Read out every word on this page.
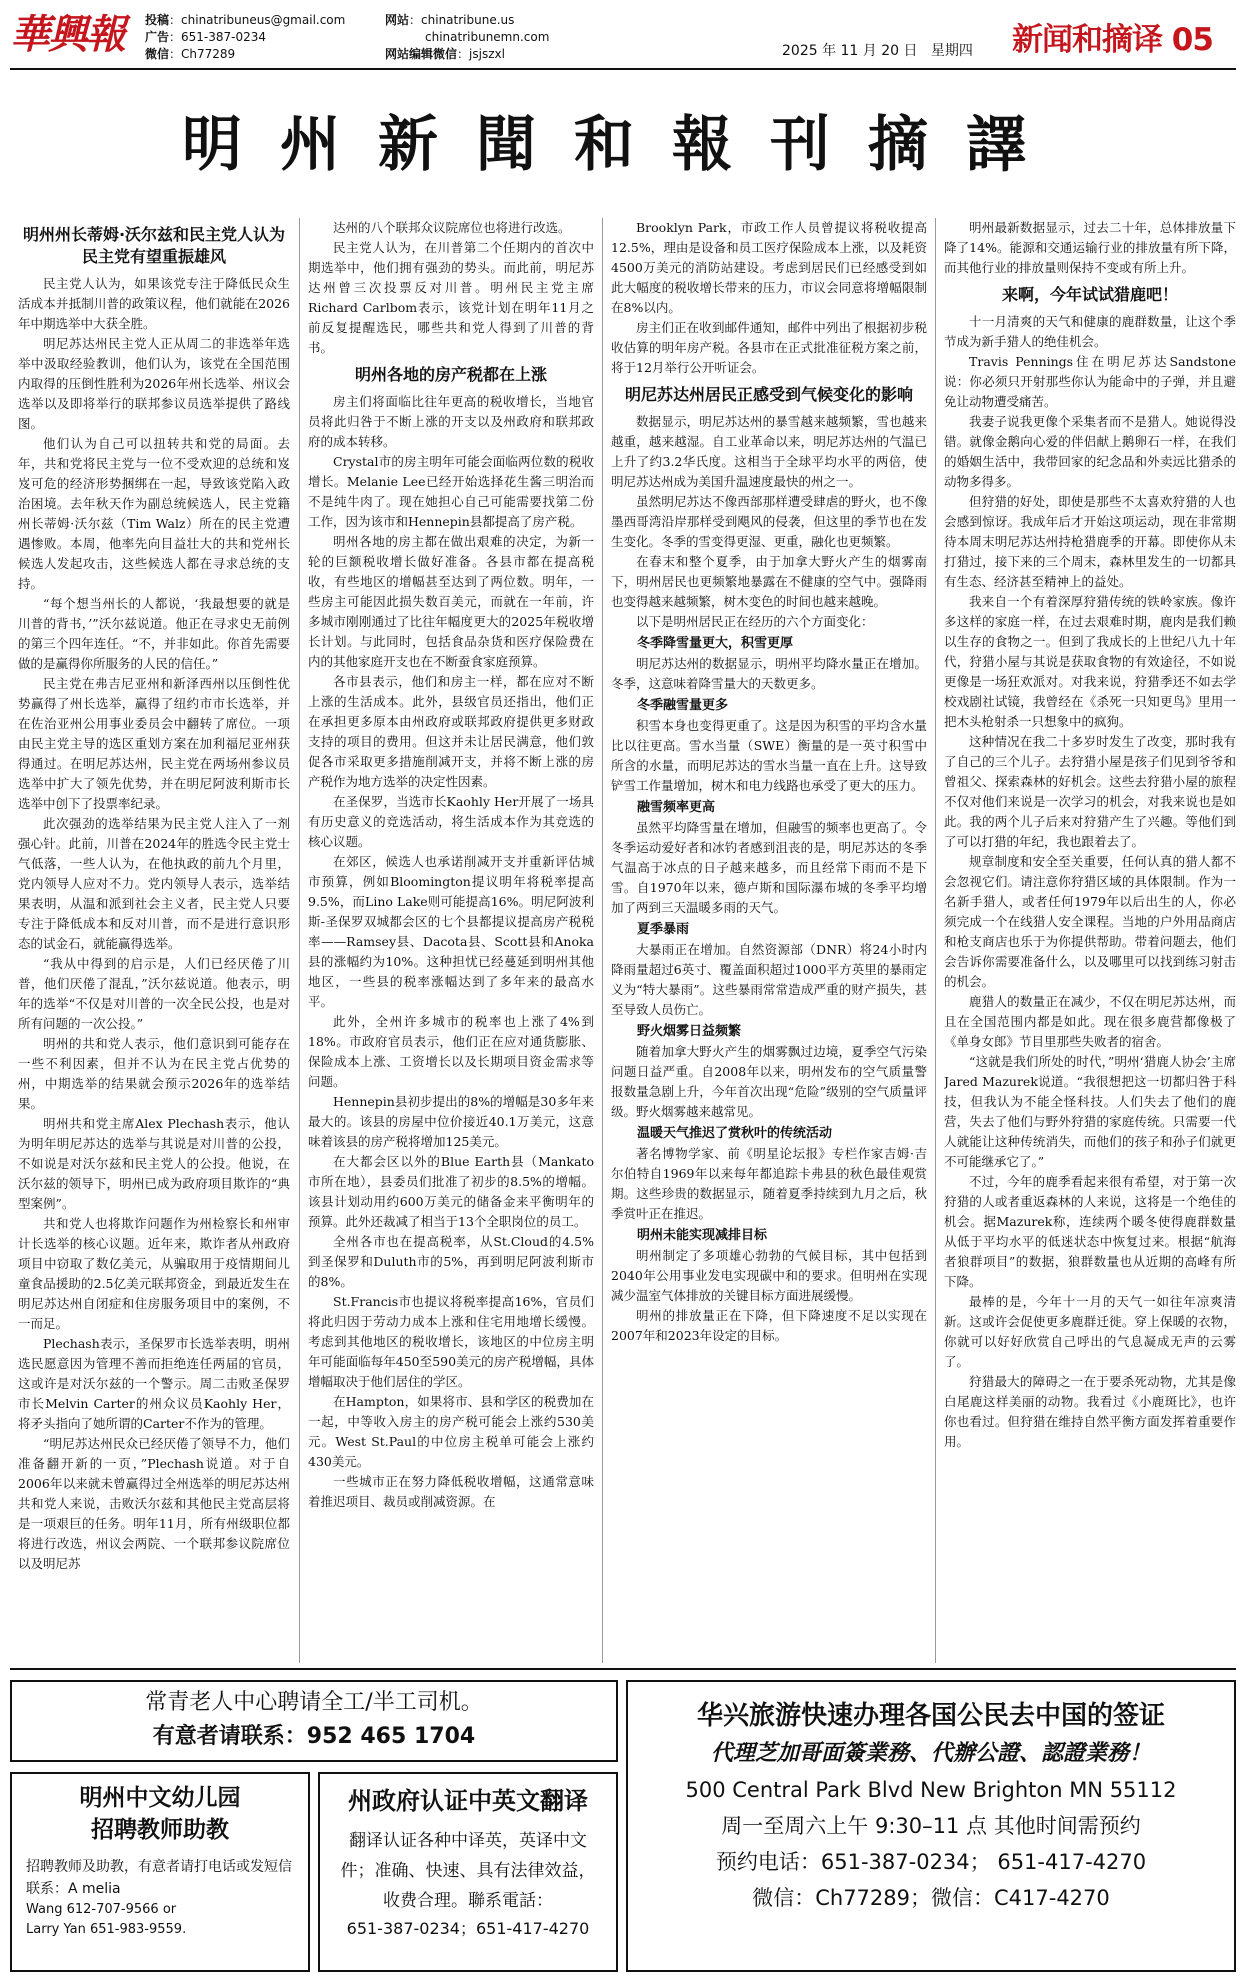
華興報	投稿：chinatribuneus@gmail.com
广告：651-387-0234
微信：Ch77289
网站：chinatribune.us
chinatribunemn.com
网站编辑微信：jsjszxl	2025 年 11 月 20 日 星期四 新闻和摘译 05
明州新聞和報刊摘譯
明州州长蒂姆·沃尔兹和民主党人认为民主党有望重振雄风

民主党人认为，如果该党专注于降低民众生活成本并抵制川普的政策议程，他们就能在2026年中期选举中大获全胜。

明尼苏达州民主党人正从周二的非选举年选举中汲取经验教训，他们认为，该党在全国范围内取得的压倒性胜利为2026年州长选举、州议会选举以及即将举行的联邦参议员选举提供了路线图。

他们认为自己可以扭转共和党的局面。去年，共和党将民主党与一位不受欢迎的总统和岌岌可危的经济形势捆绑在一起，导致该党陷入政治困境。去年秋天作为副总统候选人，民主党籍州长蒂姆·沃尔兹（Tim Walz）所在的民主党遭遇惨败。本周，他率先向目益壮大的共和党州长候选人发起攻击，这些候选人都在寻求总统的支持。

“每个想当州长的人都说，‘我最想要的就是川普的背书，’”沃尔兹说道。他正在寻求史无前例的第三个四年连任。“不，并非如此。你首先需要做的是赢得你所服务的人民的信任。”

民主党在弗吉尼亚州和新泽西州以压倒性优势赢得了州长选举，赢得了纽约市市长选举，并在佐治亚州公用事业委员会中翻转了席位。一项由民主党主导的选区重划方案在加利福尼亚州获得通过。在明尼苏达州，民主党在两场州参议员选举中扩大了领先优势，并在明尼阿波利斯市长选举中创下了投票率纪录。

此次强劲的选举结果为民主党人注入了一剂强心针。此前，川普在2024年的胜选令民主党士气低落，一些人认为，在他执政的前九个月里，党内领导人应对不力。党内领导人表示，选举结果表明，从温和派到社会主义者，民主党人只要专注于降低成本和反对川普，而不是进行意识形态的试金石，就能赢得选举。

“我从中得到的启示是，人们已经厌倦了川普，他们厌倦了混乱，”沃尔兹说道。他表示，明年的选举“不仅是对川普的一次全民公投，也是对所有问题的一次公投。”

明州的共和党人表示，他们意识到可能存在一些不利因素，但并不认为在民主党占优势的州，中期选举的结果就会预示2026年的选举结果。

明州共和党主席Alex Plechash表示，他认为明年明尼苏达的选举与其说是对川普的公投，不如说是对沃尔兹和民主党人的公投。他说，在沃尔兹的领导下，明州已成为政府项目欺诈的“典型案例”。

共和党人也将欺诈问题作为州检察长和州审计长选举的核心议题。近年来，欺诈者从州政府项目中窃取了数亿美元，从骗取用于疫情期间儿童食品援助的2.5亿美元联邦资金，到最近发生在明尼苏达州自闭症和住房服务项目中的案例，不一而足。

Plechash表示，圣保罗市长选举表明，明州选民愿意因为管理不善而拒绝连任两届的官员，这或许是对沃尔兹的一个警示。周二击败圣保罗市长Melvin Carter的州众议员Kaohly Her，将矛头指向了她所谓的Carter不作为的管理。

“明尼苏达州民众已经厌倦了领导不力，他们准备翻开新的一页，”Plechash说道。对于自2006年以来就未曾赢得过全州选举的明尼苏达州共和党人来说，击败沃尔兹和其他民主党高层将是一项艰巨的任务。明年11月，所有州级职位都将进行改选，州议会两院、一个联邦参议院席位以及明尼苏

达州的八个联邦众议院席位也将进行改选。

民主党人认为，在川普第二个任期内的首次中期选举中，他们拥有强劲的势头。而此前，明尼苏达州曾三次投票反对川普。明州民主党主席Richard Carlbom表示，该党计划在明年11月之前反复提醒选民，哪些共和党人得到了川普的背书。

明州各地的房产税都在上涨

房主们将面临比往年更高的税收增长，当地官员将此归咎于不断上涨的开支以及州政府和联邦政府的成本转移。

Crystal市的房主明年可能会面临两位数的税收增长。Melanie Lee已经开始选择花生酱三明治而不是纯牛肉了。现在她担心自己可能需要找第二份工作，因为该市和Hennepin县都提高了房产税。

明州各地的房主都在做出艰难的决定，为新一轮的巨额税收增长做好准备。各县市都在提高税收，有些地区的增幅甚至达到了两位数。明年，一些房主可能因此损失数百美元，而就在一年前，许多城市刚刚通过了比往年幅度更大的2025年税收增长计划。与此同时，包括食品杂货和医疗保险费在内的其他家庭开支也在不断蚕食家庭预算。

各市县表示，他们和房主一样，都在应对不断上涨的生活成本。此外，县级官员还指出，他们正在承担更多原本由州政府或联邦政府提供更多财政支持的项目的费用。但这并未让居民满意，他们敦促各市采取更多措施削减开支，并将不断上涨的房产税作为地方选举的决定性因素。

在圣保罗，当选市长Kaohly Her开展了一场具有历史意义的竞选活动，将生活成本作为其竞选的核心议题。

在郊区，候选人也承诺削减开支并重新评估城市预算，例如Bloomington提议明年将税率提高9.5%，而Lino Lake则可能提高16%。明尼阿波利斯-圣保罗双城都会区的七个县都提议提高房产税税率——Ramsey县、Dacota县、Scott县和Anoka县的涨幅约为10%。这种担忧已经蔓延到明州其他地区，一些县的税率涨幅达到了多年来的最高水平。

此外，全州许多城市的税率也上涨了4%到18%。市政府官员表示，他们正在应对通货膨胀、保险成本上涨、工资增长以及长期项目资金需求等问题。

Hennepin县初步提出的8%的增幅是30多年来最大的。该县的房屋中位价接近40.1万美元，这意味着该县的房产税将增加125美元。

在大都会区以外的Blue Earth县（Mankato市所在地），县委员们批准了初步的8.5%的增幅。该县计划动用约600万美元的储备金来平衡明年的预算。此外还裁减了相当于13个全职岗位的员工。

全州各市也在提高税率，从St.Cloud的4.5%到圣保罗和Duluth市的5%，再到明尼阿波利斯市的8%。

St.Francis市也提议将税率提高16%，官员们将此归因于劳动力成本上涨和住宅用地增长缓慢。考虑到其他地区的税收增长，该地区的中位房主明年可能面临每年450至590美元的房产税增幅，具体增幅取决于他们居住的学区。

在Hampton，如果将市、县和学区的税费加在一起，中等收入房主的房产税可能会上涨约530美元。West St.Paul的中位房主税单可能会上涨约430美元。

一些城市正在努力降低税收增幅，这通常意味着推迟项目、裁员或削减资源。在

Brooklyn Park，市政工作人员曾提议将税收提高12.5%，理由是设备和员工医疗保险成本上涨，以及耗资4500万美元的消防站建设。考虑到居民们已经感受到如此大幅度的税收增长带来的压力，市议会同意将增幅限制在8%以内。

房主们正在收到邮件通知，邮件中列出了根据初步税收估算的明年房产税。各县市在正式批准征税方案之前，将于12月举行公开听证会。

明尼苏达州居民正感受到气候变化的影响

数据显示，明尼苏达州的暴雪越来越频繁，雪也越来越重，越来越湿。自工业革命以来，明尼苏达州的气温已上升了约3.2华氏度。这相当于全球平均水平的两倍，使明尼苏达州成为美国升温速度最快的州之一。

虽然明尼苏达不像西部那样遭受肆虐的野火，也不像墨西哥湾沿岸那样受到飓风的侵袭，但这里的季节也在发生变化。冬季的雪变得更湿、更重，融化也更频繁。

在春末和整个夏季，由于加拿大野火产生的烟雾南下，明州居民也更频繁地暴露在不健康的空气中。强降雨也变得越来越频繁，树木变色的时间也越来越晚。

以下是明州居民正在经历的六个方面变化：

冬季降雪量更大，积雪更厚

明尼苏达州的数据显示，明州平均降水量正在增加。冬季，这意味着降雪量大的天数更多。

冬季融雪量更多

积雪本身也变得更重了。这是因为积雪的平均含水量比以往更高。雪水当量（SWE）衡量的是一英寸积雪中所含的水量，而明尼苏达的雪水当量一直在上升。这导致铲雪工作量增加，树木和电力线路也承受了更大的压力。

融雪频率更高

虽然平均降雪量在增加，但融雪的频率也更高了。令冬季运动爱好者和冰钓者感到沮丧的是，明尼苏达的冬季气温高于冰点的日子越来越多，而且经常下雨而不是下雪。自1970年以来，德卢斯和国际瀑布城的冬季平均增加了两到三天温暖多雨的天气。

夏季暴雨

大暴雨正在增加。自然资源部（DNR）将24小时内降雨量超过6英寸、覆盖面积超过1000平方英里的暴雨定义为“特大暴雨”。这些暴雨常常造成严重的财产损失，甚至导致人员伤亡。

野火烟雾日益频繁

随着加拿大野火产生的烟雾飘过边境，夏季空气污染问题日益严重。自2008年以来，明州发布的空气质量警报数量急剧上升，今年首次出现“危险”级别的空气质量评级。野火烟雾越来越常见。

温暖天气推迟了赏秋叶的传统活动

著名博物学家、前《明星论坛报》专栏作家吉姆·吉尔伯特自1969年以来每年都追踪卡弗县的秋色最佳观赏期。这些珍贵的数据显示，随着夏季持续到九月之后，秋季赏叶正在推迟。

明州未能实现减排目标

明州制定了多项雄心勃勃的气候目标，其中包括到2040年公用事业发电实现碳中和的要求。但明州在实现减少温室气体排放的关键目标方面进展缓慢。

明州的排放量正在下降，但下降速度不足以实现在2007年和2023年设定的目标。

明州最新数据显示，过去二十年，总体排放量下降了14%。能源和交通运输行业的排放量有所下降，而其他行业的排放量则保持不变或有所上升。

来啊，今年试试猎鹿吧！

十一月清爽的天气和健康的鹿群数量，让这个季节成为新手猎人的绝佳机会。

Travis Pennings住在明尼苏达Sandstone说：你必须只开射那些你认为能命中的子弹，并且避免让动物遭受痛苦。

我妻子说我更像个采集者而不是猎人。她说得没错。就像金鹅向心爱的伴侣献上鹅卵石一样，在我们的婚姻生活中，我带回家的纪念品和外卖远比猎杀的动物多得多。

但狩猎的好处，即使是那些不太喜欢狩猎的人也会感到惊讶。我成年后才开始这项运动，现在非常期待本周末明尼苏达州持枪猎鹿季的开幕。即使你从未打猎过，接下来的三个周末，森林里发生的一切都具有生态、经济甚至精神上的益处。

我来自一个有着深厚狩猎传统的铁岭家族。像许多这样的家庭一样，在过去艰难时期，鹿肉是我们赖以生存的食物之一。但到了我成长的上世纪八九十年代，狩猎小屋与其说是获取食物的有效途径，不如说更像是一场狂欢派对。对我来说，狩猎季还不如去学校戏剧社试镜，我曾经在《杀死一只知更鸟》里用一把木头枪射杀一只想象中的疯狗。

这种情况在我二十多岁时发生了改变，那时我有了自己的三个儿子。去狩猎小屋是孩子们见到爷爷和曾祖父、探索森林的好机会。这些去狩猎小屋的旅程不仅对他们来说是一次学习的机会，对我来说也是如此。我的两个儿子后来对狩猎产生了兴趣。等他们到了可以打猎的年纪，我也跟着去了。

规章制度和安全至关重要，任何认真的猎人都不会忽视它们。请注意你狩猎区域的具体限制。作为一名新手猎人，或者任何1979年以后出生的人，你必须完成一个在线猎人安全课程。当地的户外用品商店和枪支商店也乐于为你提供帮助。带着问题去，他们会告诉你需要准备什么，以及哪里可以找到练习射击的机会。

鹿猎人的数量正在减少，不仅在明尼苏达州，而且在全国范围内都是如此。现在很多鹿营都像极了《单身女郎》节目里那些失败者的宿舍。

“这就是我们所处的时代，”明州‘猎鹿人协会’主席Jared Mazurek说道。“我很想把这一切都归咎于科技，但我认为不能全怪科技。人们失去了他们的鹿营，失去了他们与野外狩猎的家庭传统。只需要一代人就能让这种传统消失，而他们的孩子和孙子们就更不可能继承它了。”

不过，今年的鹿季看起来很有希望，对于第一次狩猎的人或者重返森林的人来说，这将是一个绝佳的机会。据Mazurek称，连续两个暖冬使得鹿群数量从低于平均水平的低迷状态中恢复过来。根据“航海者狼群项目”的数据，狼群数量也从近期的高峰有所下降。

最棒的是，今年十一月的天气一如往年凉爽清新。这或许会促使更多鹿群迁徙。穿上保暖的衣物，你就可以好好欣赏自己呼出的气息凝成无声的云雾了。

狩猎最大的障碍之一在于要杀死动物，尤其是像白尾鹿这样美丽的动物。我看过《小鹿斑比》，也许你也看过。但狩猎在维持自然平衡方面发挥着重要作用。

常青老人中心聘请全工/半工司机。
有意者请联系：952 465 1704
明州中文幼儿园
招聘教师助教
招聘教师及助教，有意者请打电话或发短信联系：A melia
Wang 612-707-9566 or
Larry Yan 651-983-9559.
州政府认证中英文翻译
翻译认证各种中译英，英译中文
件；准确、快速、具有法律效益，
收费合理。聯系電話：
651-387-0234；651-417-4270
华兴旅游快速办理各国公民去中国的签证
代理芝加哥面簽業務、代辦公證、認證業務！
500 Central Park Blvd New Brighton MN 55112
周一至周六上午 9:30–11 点 其他时间需预约
预约电话：651-387-0234； 651-417-4270
微信：Ch77289；微信：C417-4270
